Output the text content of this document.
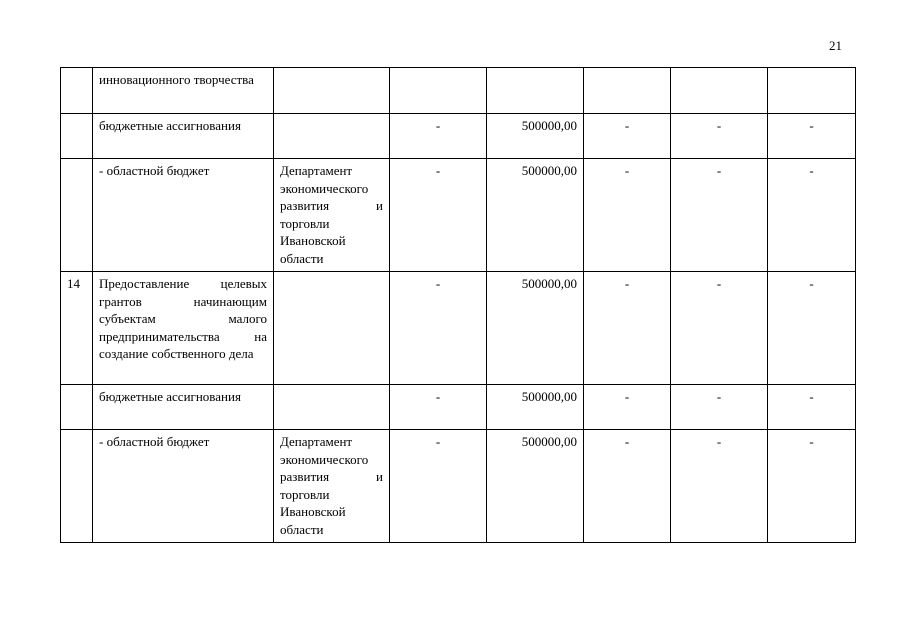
21
	инновационного творчества						
	бюджетные ассигнования		-	500000,00	-	-	-
	- областной бюджет	Департамент экономического развития и торговли Ивановской области	-	500000,00	-	-	-
14	Предоставление целевых грантов начинающим субъектам малого предпринимательства на создание собственного дела		-	500000,00	-	-	-
	бюджетные ассигнования		-	500000,00	-	-	-
	- областной бюджет	Департамент экономического развития и торговли Ивановской области	-	500000,00	-	-	-
